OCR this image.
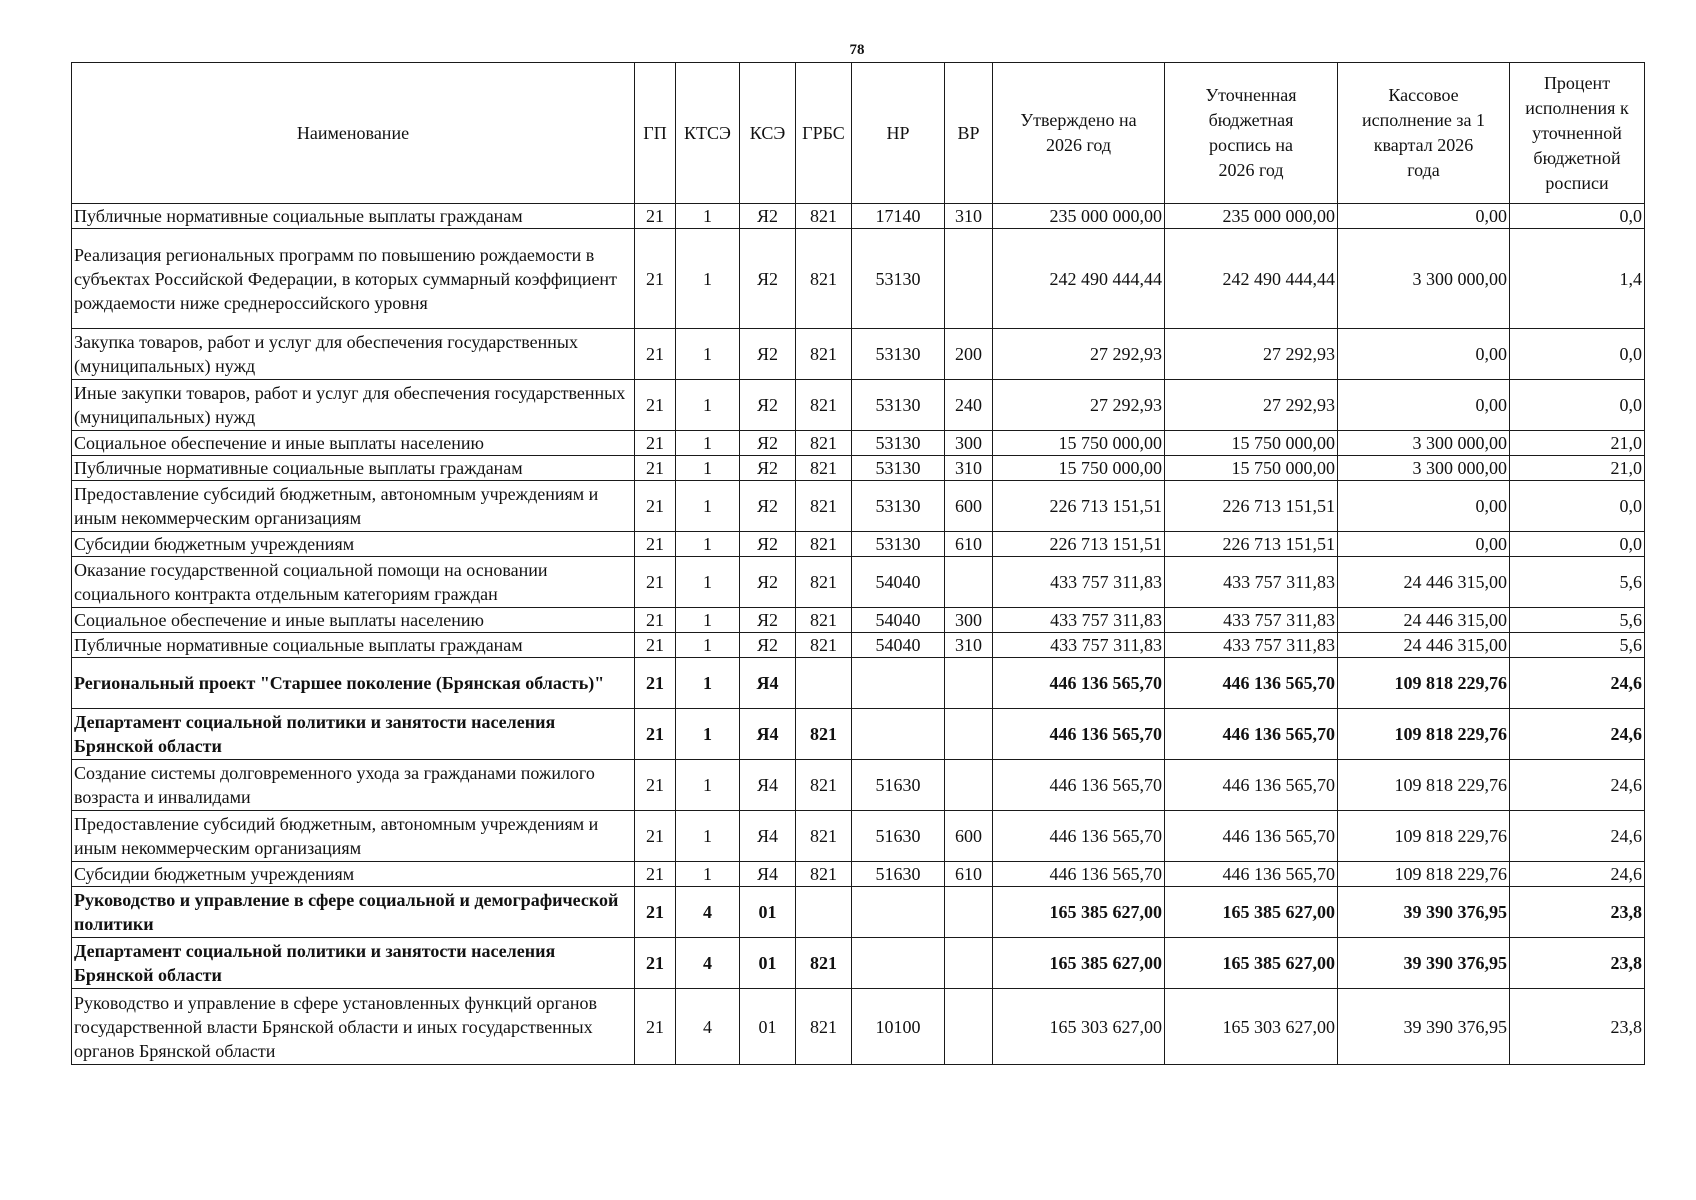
78
Наименование	ГП	КТСЭ	КСЭ	ГРБС	НР	ВР	Утверждено на 2026 год	Уточненная бюджетная роспись на 2026 год	Кассовое исполнение за 1 квартал 2026 года	Процент исполнения к уточненной бюджетной росписи
Публичные нормативные социальные выплаты гражданам	21	1	Я2	821	17140	310	235 000 000,00	235 000 000,00	0,00	0,0
Реализация региональных программ по повышению рождаемости в субъектах Российской Федерации, в которых суммарный коэффициент рождаемости ниже среднероссийского уровня	21	1	Я2	821	53130		242 490 444,44	242 490 444,44	3 300 000,00	1,4
Закупка товаров, работ и услуг для обеспечения государственных (муниципальных) нужд	21	1	Я2	821	53130	200	27 292,93	27 292,93	0,00	0,0
Иные закупки товаров, работ и услуг для обеспечения государственных (муниципальных) нужд	21	1	Я2	821	53130	240	27 292,93	27 292,93	0,00	0,0
Социальное обеспечение и иные выплаты населению	21	1	Я2	821	53130	300	15 750 000,00	15 750 000,00	3 300 000,00	21,0
Публичные нормативные социальные выплаты гражданам	21	1	Я2	821	53130	310	15 750 000,00	15 750 000,00	3 300 000,00	21,0
Предоставление субсидий бюджетным, автономным учреждениям и иным некоммерческим организациям	21	1	Я2	821	53130	600	226 713 151,51	226 713 151,51	0,00	0,0
Субсидии бюджетным учреждениям	21	1	Я2	821	53130	610	226 713 151,51	226 713 151,51	0,00	0,0
Оказание государственной социальной помощи на основании социального контракта отдельным категориям граждан	21	1	Я2	821	54040		433 757 311,83	433 757 311,83	24 446 315,00	5,6
Социальное обеспечение и иные выплаты населению	21	1	Я2	821	54040	300	433 757 311,83	433 757 311,83	24 446 315,00	5,6
Публичные нормативные социальные выплаты гражданам	21	1	Я2	821	54040	310	433 757 311,83	433 757 311,83	24 446 315,00	5,6
Региональный проект "Старшее поколение (Брянская область)"	21	1	Я4				446 136 565,70	446 136 565,70	109 818 229,76	24,6
Департамент социальной политики и занятости населения Брянской области	21	1	Я4	821			446 136 565,70	446 136 565,70	109 818 229,76	24,6
Создание системы долговременного ухода за гражданами пожилого возраста и инвалидами	21	1	Я4	821	51630		446 136 565,70	446 136 565,70	109 818 229,76	24,6
Предоставление субсидий бюджетным, автономным учреждениям и иным некоммерческим организациям	21	1	Я4	821	51630	600	446 136 565,70	446 136 565,70	109 818 229,76	24,6
Субсидии бюджетным учреждениям	21	1	Я4	821	51630	610	446 136 565,70	446 136 565,70	109 818 229,76	24,6
Руководство и управление в сфере социальной и демографической политики	21	4	01				165 385 627,00	165 385 627,00	39 390 376,95	23,8
Департамент социальной политики и занятости населения Брянской области	21	4	01	821			165 385 627,00	165 385 627,00	39 390 376,95	23,8
Руководство и управление в сфере установленных функций органов государственной власти Брянской области и иных государственных органов Брянской области	21	4	01	821	10100		165 303 627,00	165 303 627,00	39 390 376,95	23,8
